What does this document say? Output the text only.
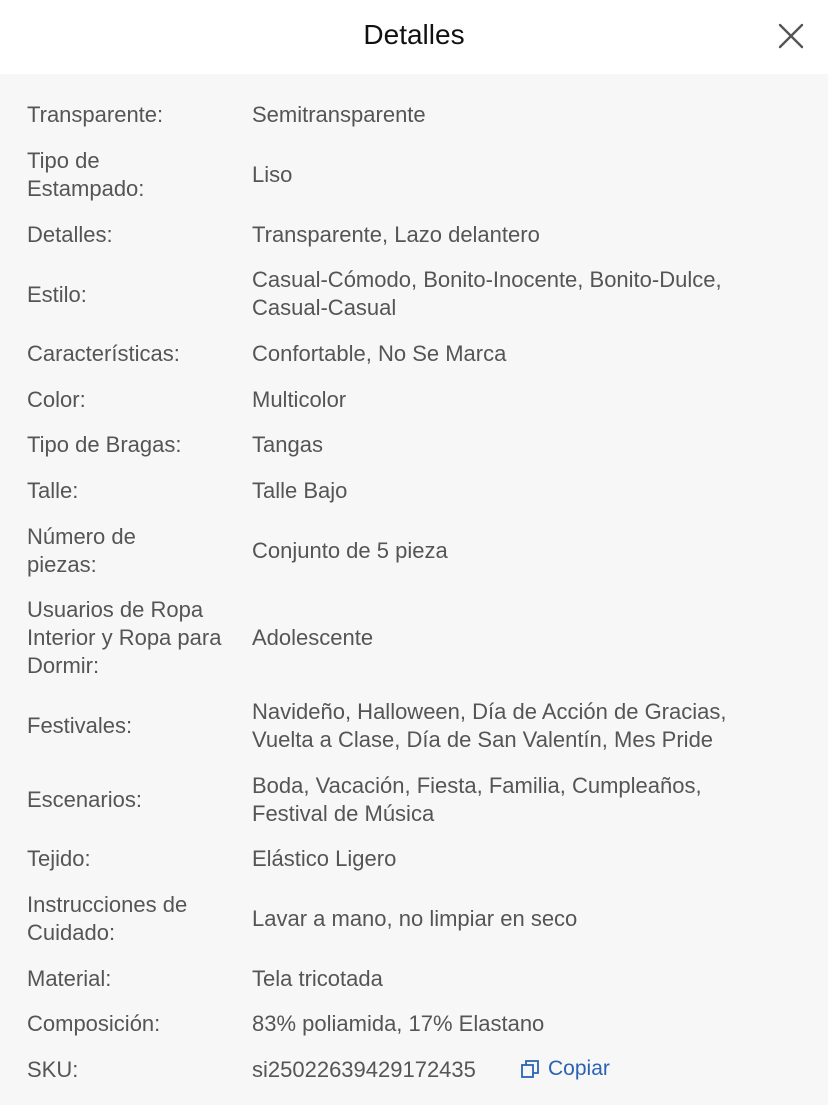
Detalles
Transparente:	Semitransparente
Tipo de Estampado:
Liso
Detalles:	Transparente, Lazo delantero
Estilo:
Casual-Cómodo, Bonito-Inocente, Bonito-Dulce, Casual-Casual
Características:	Confortable, No Se Marca
Color:	Multicolor
Tipo de Bragas:	Tangas
Talle:	Talle Bajo
Número de piezas:
Conjunto de 5 pieza
Usuarios de Ropa Interior y Ropa para Dormir:
Adolescente
Festivales:
Navideño, Halloween, Día de Acción de Gracias, Vuelta a Clase, Día de San Valentín, Mes Pride
Escenarios:
Boda, Vacación, Fiesta, Familia, Cumpleaños, Festival de Música
Tejido:	Elástico Ligero
Instrucciones de Cuidado:
Lavar a mano, no limpiar en seco
Material:	Tela tricotada
Composición:	83% poliamida, 17% Elastano
SKU:	si25022639429172435	Copiar
